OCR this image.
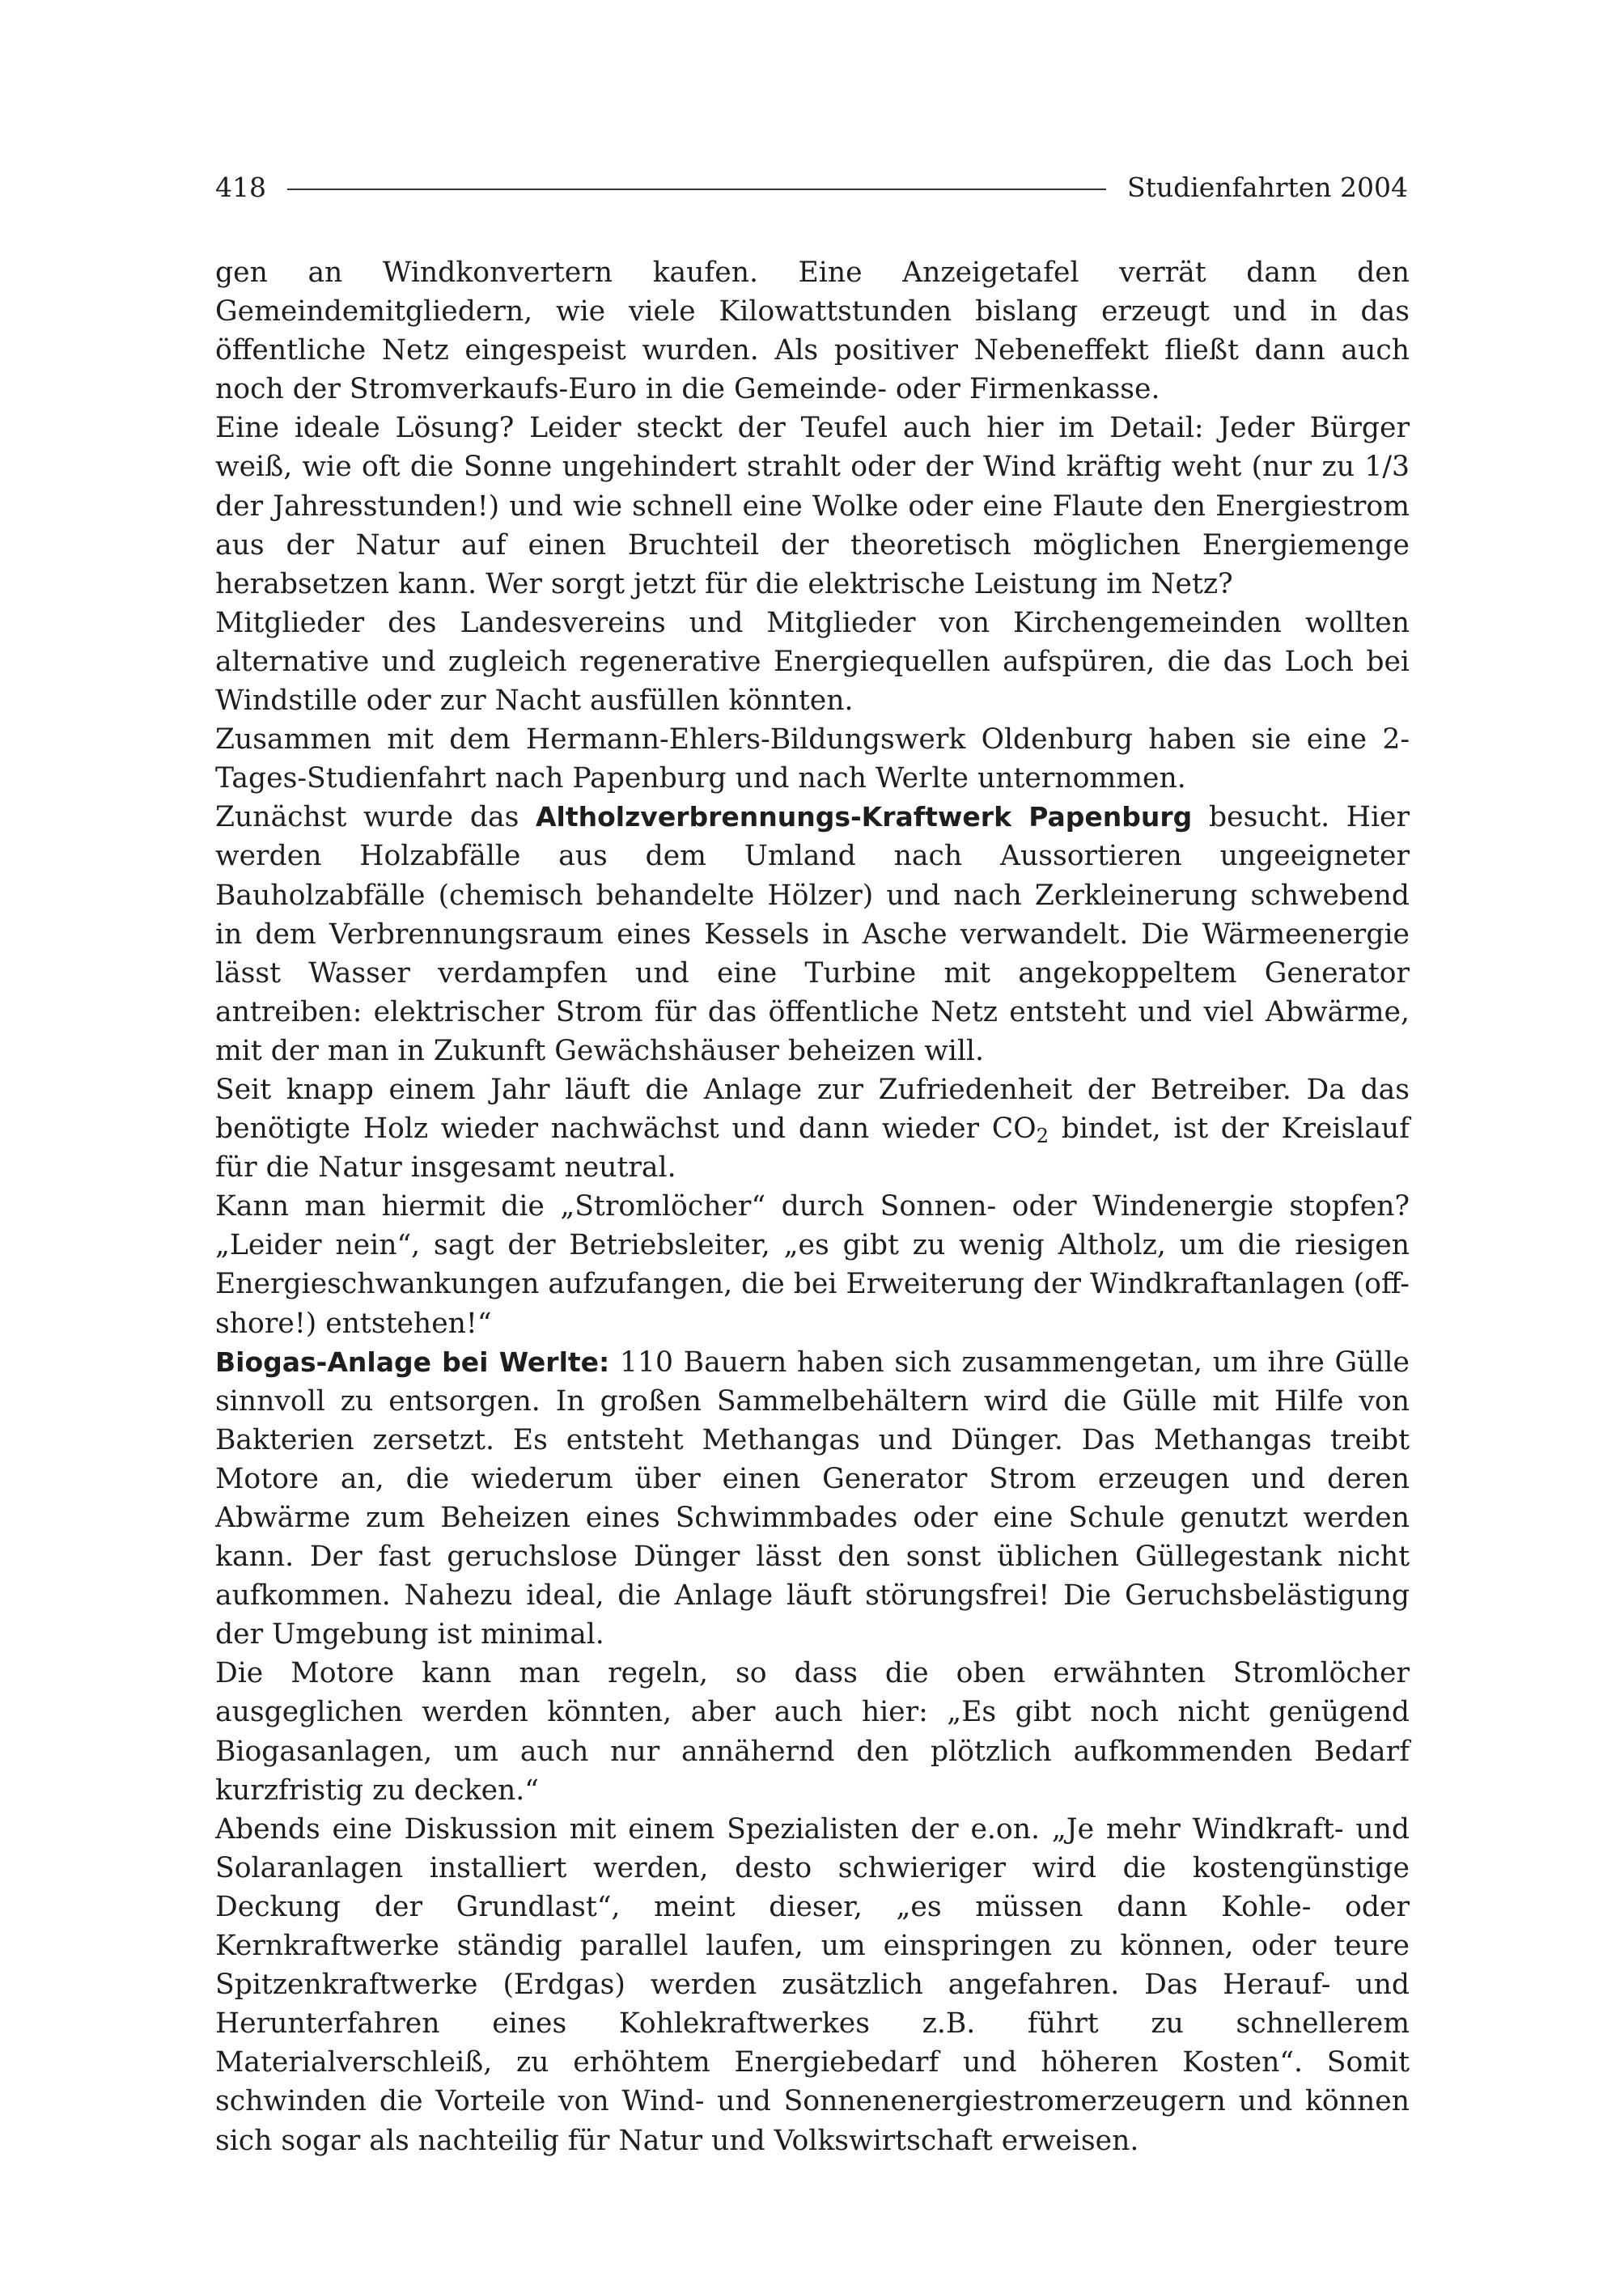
418	Studienfahrten 2004

gen an Windkonvertern kaufen. Eine Anzeigetafel verrät dann den Gemeindemitgliedern, wie viele Kilowattstunden bislang erzeugt und in das öffentliche Netz eingespeist wurden. Als positiver Nebeneffekt fließt dann auch noch der Stromverkaufs-Euro in die Gemeinde- oder Firmenkasse.

Eine ideale Lösung? Leider steckt der Teufel auch hier im Detail: Jeder Bürger weiß, wie oft die Sonne ungehindert strahlt oder der Wind kräftig weht (nur zu 1/3 der Jahresstunden!) und wie schnell eine Wolke oder eine Flaute den Energiestrom aus der Natur auf einen Bruchteil der theoretisch möglichen Energiemenge herabsetzen kann. Wer sorgt jetzt für die elektrische Leistung im Netz?

Mitglieder des Landesvereins und Mitglieder von Kirchengemeinden wollten alternative und zugleich regenerative Energiequellen aufspüren, die das Loch bei Windstille oder zur Nacht ausfüllen könnten.

Zusammen mit dem Hermann-Ehlers-Bildungswerk Oldenburg haben sie eine 2-Tages-Studienfahrt nach Papenburg und nach Werlte unternommen.

Zunächst wurde das Altholzverbrennungs-Kraftwerk Papenburg besucht. Hier werden Holzabfälle aus dem Umland nach Aussortieren ungeeigneter Bauholzabfälle (chemisch behandelte Hölzer) und nach Zerkleinerung schwebend in dem Verbrennungsraum eines Kessels in Asche verwandelt. Die Wärmeenergie lässt Wasser verdampfen und eine Turbine mit angekoppeltem Generator antreiben: elektrischer Strom für das öffentliche Netz entsteht und viel Abwärme, mit der man in Zukunft Gewächshäuser beheizen will.

Seit knapp einem Jahr läuft die Anlage zur Zufriedenheit der Betreiber. Da das benötigte Holz wieder nachwächst und dann wieder $CO_2$ bindet, ist der Kreislauf für die Natur insgesamt neutral.

Kann man hiermit die „Stromlöcher“ durch Sonnen- oder Windenergie stopfen? „Leider nein“, sagt der Betriebsleiter, „es gibt zu wenig Altholz, um die riesigen Energieschwankungen aufzufangen, die bei Erweiterung der Windkraftanlagen (off-shore!) entstehen!“

Biogas-Anlage bei Werlte: 110 Bauern haben sich zusammengetan, um ihre Gülle sinnvoll zu entsorgen. In großen Sammelbehältern wird die Gülle mit Hilfe von Bakterien zersetzt. Es entsteht Methangas und Dünger. Das Methangas treibt Motore an, die wiederum über einen Generator Strom erzeugen und deren Abwärme zum Beheizen eines Schwimmbades oder eine Schule genutzt werden kann. Der fast geruchslose Dünger lässt den sonst üblichen Güllegestank nicht aufkommen. Nahezu ideal, die Anlage läuft störungsfrei! Die Geruchsbelästigung der Umgebung ist minimal.

Die Motore kann man regeln, so dass die oben erwähnten Stromlöcher ausgeglichen werden könnten, aber auch hier: „Es gibt noch nicht genügend Biogasanlagen, um auch nur annähernd den plötzlich aufkommenden Bedarf kurzfristig zu decken.“

Abends eine Diskussion mit einem Spezialisten der e.on. „Je mehr Windkraft- und Solaranlagen installiert werden, desto schwieriger wird die kostengünstige Deckung der Grundlast“, meint dieser, „es müssen dann Kohle- oder Kernkraftwerke ständig parallel laufen, um einspringen zu können, oder teure Spitzenkraftwerke (Erdgas) werden zusätzlich angefahren. Das Herauf- und Herunterfahren eines Kohlekraftwerkes z.B. führt zu schnellerem Materialverschleiß, zu erhöhtem Energiebedarf und höheren Kosten“. Somit schwinden die Vorteile von Wind- und Sonnenenergiestromerzeugern und können sich sogar als nachteilig für Natur und Volkswirtschaft erweisen.
